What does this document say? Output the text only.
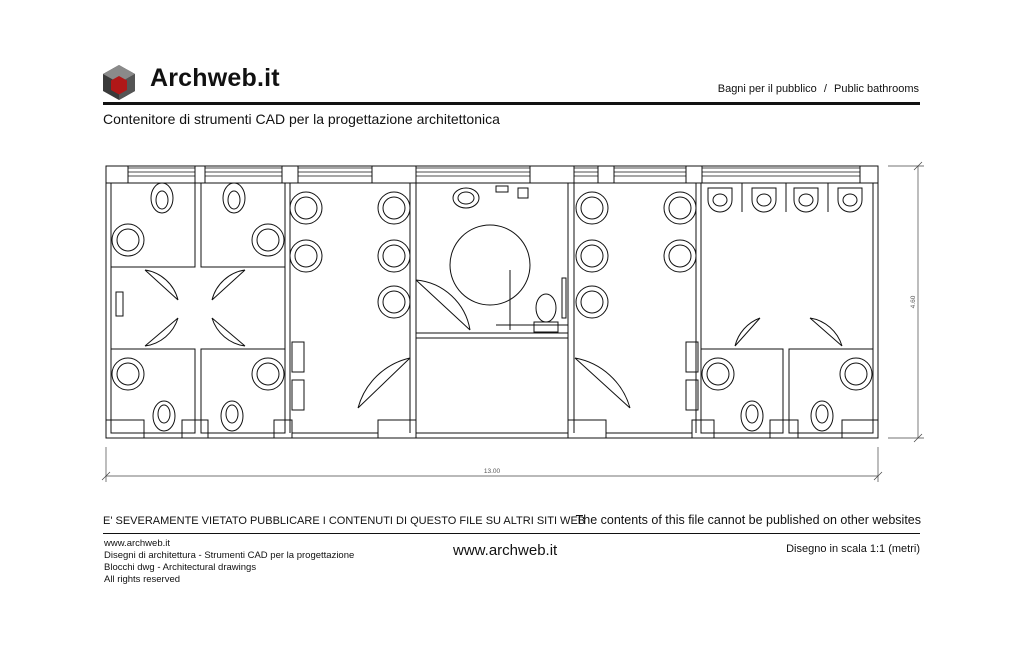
Archweb.it	Bagni per il pubblico / Public bathrooms
Contenitore di strumenti CAD per la progettazione architettonica
13.00
4.60
E' SEVERAMENTE VIETATO PUBBLICARE I CONTENUTI DI QUESTO FILE SU ALTRI SITI WEB
The contents of this file cannot be published on other websites
www.archweb.it
Disegni di architettura - Strumenti CAD per la progettazione
Blocchi dwg - Architectural drawings
All rights reserved
www.archweb.it	Disegno in scala 1:1 (metri)
